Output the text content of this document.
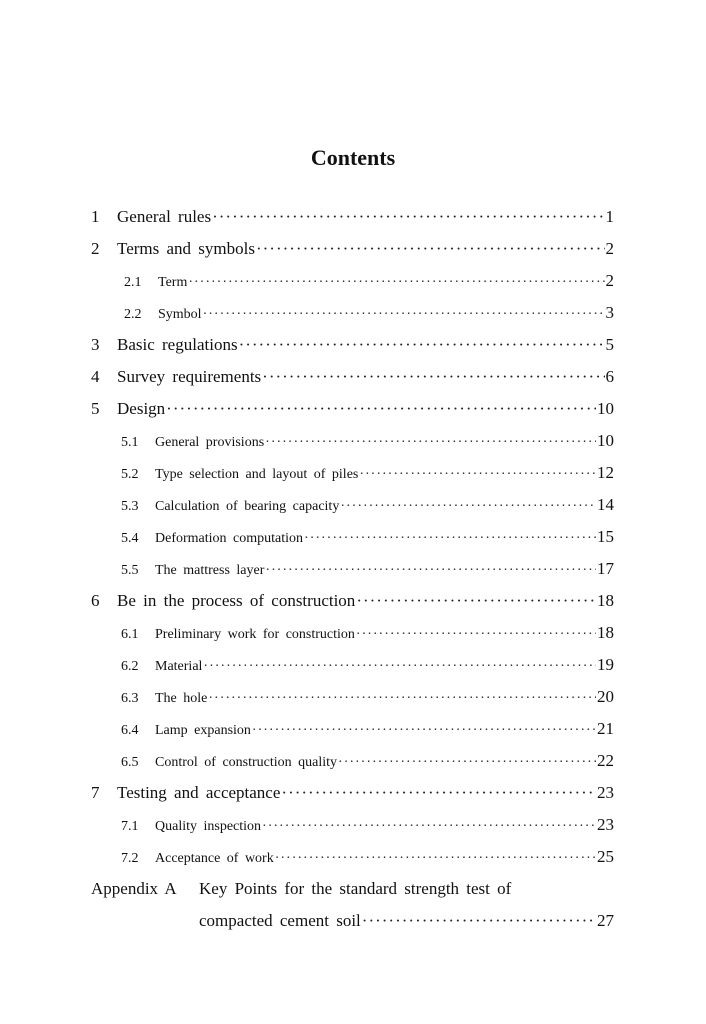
Contents
1	General rules ·····	1
2	Terms and symbols ·····	2
2.1	Term ·····	2
2.2	Symbol ·····	3
3	Basic regulations ·····	5
4	Survey requirements ·····	6
5	Design ·····	10
5.1	General provisions ·····	10
5.2	Type selection and layout of piles ·····	12
5.3	Calculation of bearing capacity ·····	14
5.4	Deformation computation ·····	15
5.5	The mattress layer ·····	17
6	Be in the process of construction ·····	18
6.1	Preliminary work for construction ·····	18
6.2	Material ·····	19
6.3	The hole ·····	20
6.4	Lamp expansion ·····	21
6.5	Control of construction quality ·····	22
7	Testing and acceptance ·····	23
7.1	Quality inspection ·····	23
7.2	Acceptance of work ·····	25
Appendix A Key Points for the standard strength test of
compacted cement soil ·····	27
